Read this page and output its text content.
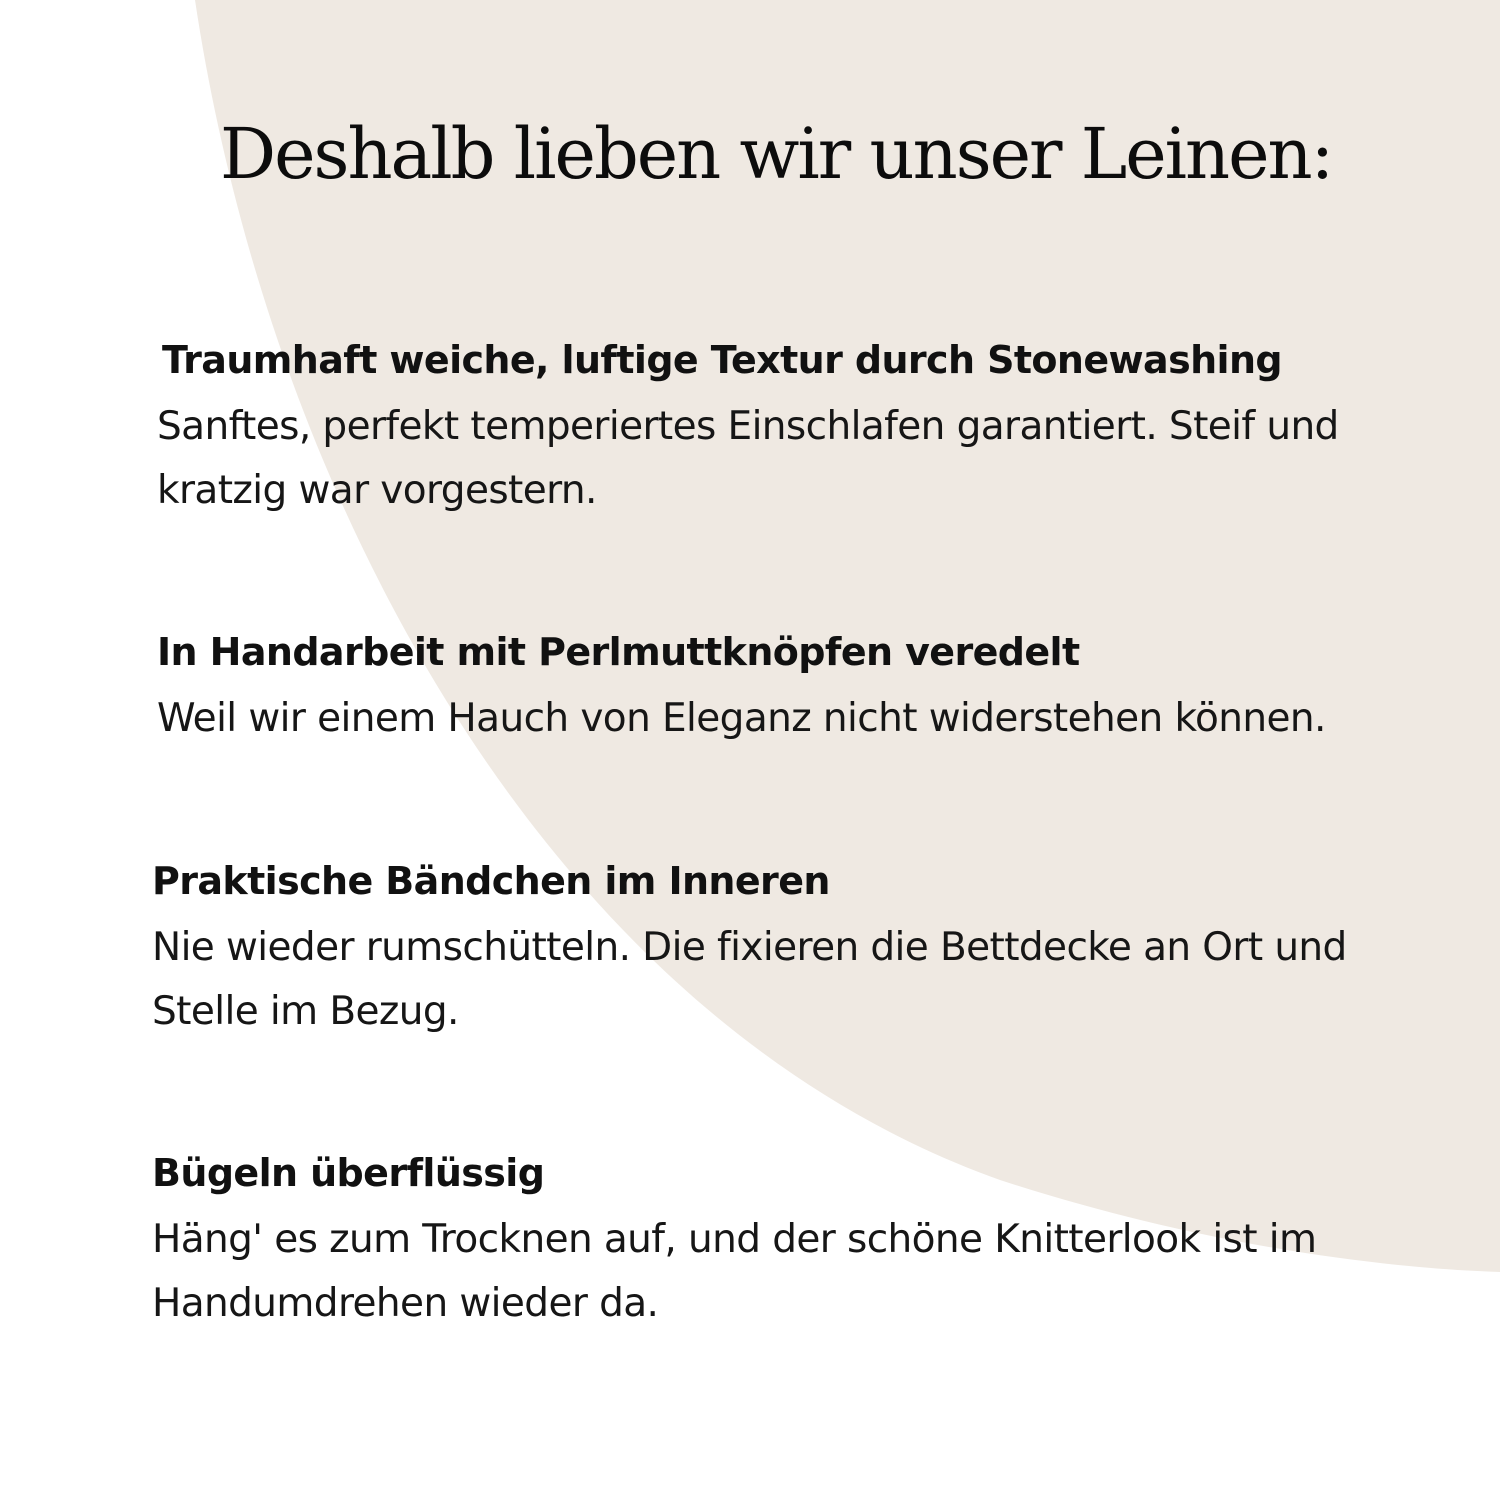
Deshalb lieben wir unser Leinen:
Traumhaft weiche, luftige Textur durch Stonewashing

Sanftes, perfekt temperiertes Einschlafen garantiert. Steif und kratzig war vorgestern.

In Handarbeit mit Perlmuttknöpfen veredelt

Weil wir einem Hauch von Eleganz nicht widerstehen können.

Praktische Bändchen im Inneren

Nie wieder rumschütteln. Die fixieren die Bettdecke an Ort und Stelle im Bezug.

Bügeln überflüssig

Häng' es zum Trocknen auf, und der schöne Knitterlook ist im Handumdrehen wieder da.
